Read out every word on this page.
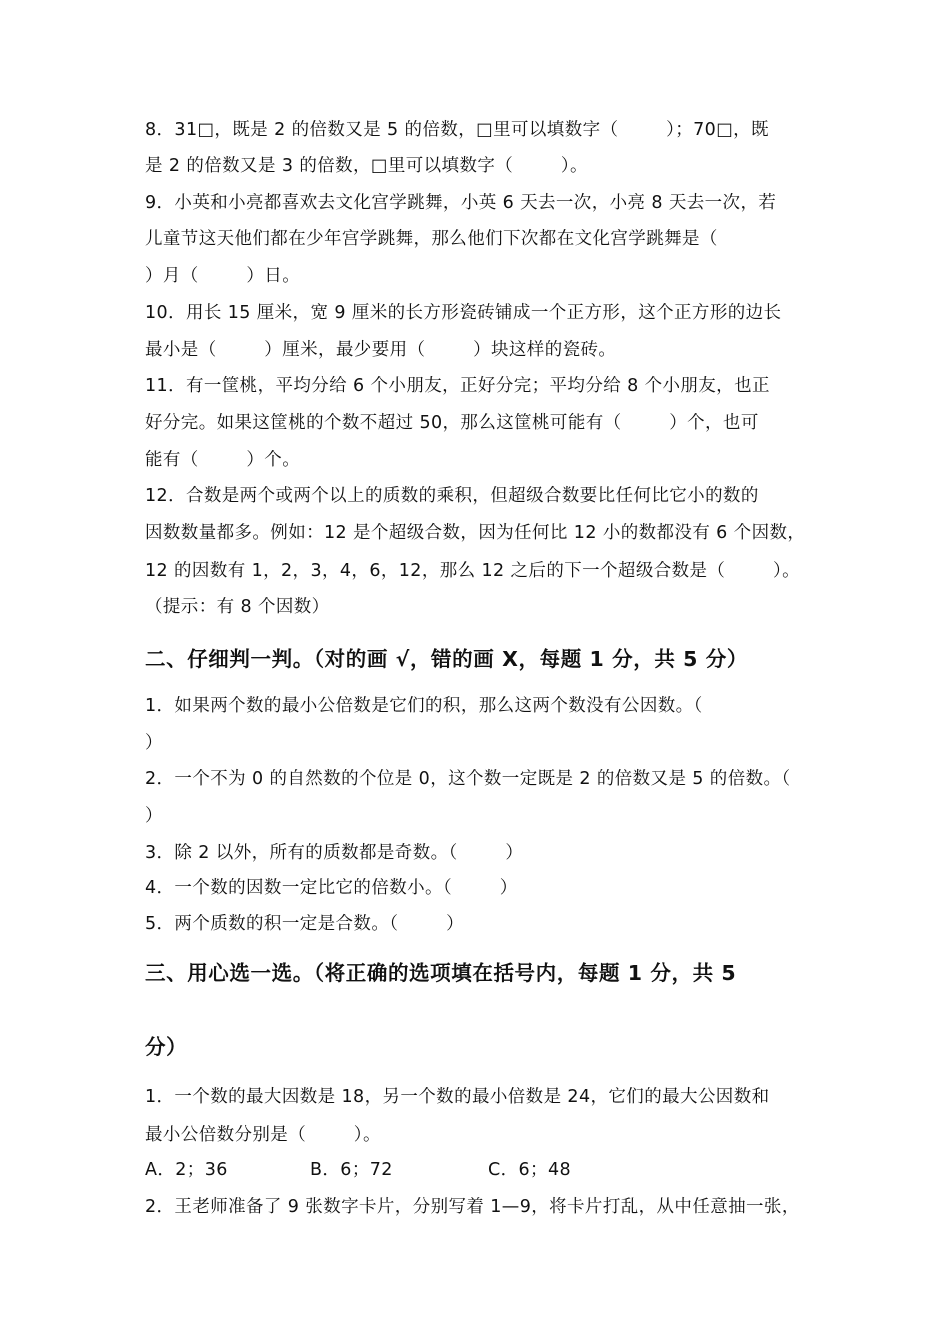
8．31□，既是 2 的倍数又是 5 的倍数，□里可以填数字（        ）；70□，既
是 2 的倍数又是 3 的倍数，□里可以填数字（        ）。
9．小英和小亮都喜欢去文化宫学跳舞，小英 6 天去一次，小亮 8 天去一次，若
儿童节这天他们都在少年宫学跳舞，那么他们下次都在文化宫学跳舞是（
）月（        ）日。
10．用长 15 厘米，宽 9 厘米的长方形瓷砖铺成一个正方形，这个正方形的边长
最小是（        ）厘米，最少要用（        ）块这样的瓷砖。
11．有一筐桃，平均分给 6 个小朋友，正好分完；平均分给 8 个小朋友，也正
好分完。如果这筐桃的个数不超过 50，那么这筐桃可能有（        ）个，也可
能有（        ）个。
12．合数是两个或两个以上的质数的乘积，但超级合数要比任何比它小的数的
因数数量都多。例如：12 是个超级合数，因为任何比 12 小的数都没有 6 个因数，
12 的因数有 1，2，3，4，6，12，那么 12 之后的下一个超级合数是（        ）。
（提示：有 8 个因数）
二、仔细判一判。（对的画 √，错的画 X，每题 1 分，共 5 分）
1．如果两个数的最小公倍数是它们的积，那么这两个数没有公因数。（
）
2．一个不为 0 的自然数的个位是 0，这个数一定既是 2 的倍数又是 5 的倍数。（
）
3．除 2 以外，所有的质数都是奇数。（        ）
4．一个数的因数一定比它的倍数小。（        ）
5．两个质数的积一定是合数。（        ）
三、用心选一选。（将正确的选项填在括号内，每题 1 分，共 5
分）
1．一个数的最大因数是 18，另一个数的最小倍数是 24，它们的最大公因数和
最小公倍数分别是（        ）。
A．2；36	B．6；72	C．6；48
2．王老师准备了 9 张数字卡片，分别写着 1—9，将卡片打乱，从中任意抽一张，
